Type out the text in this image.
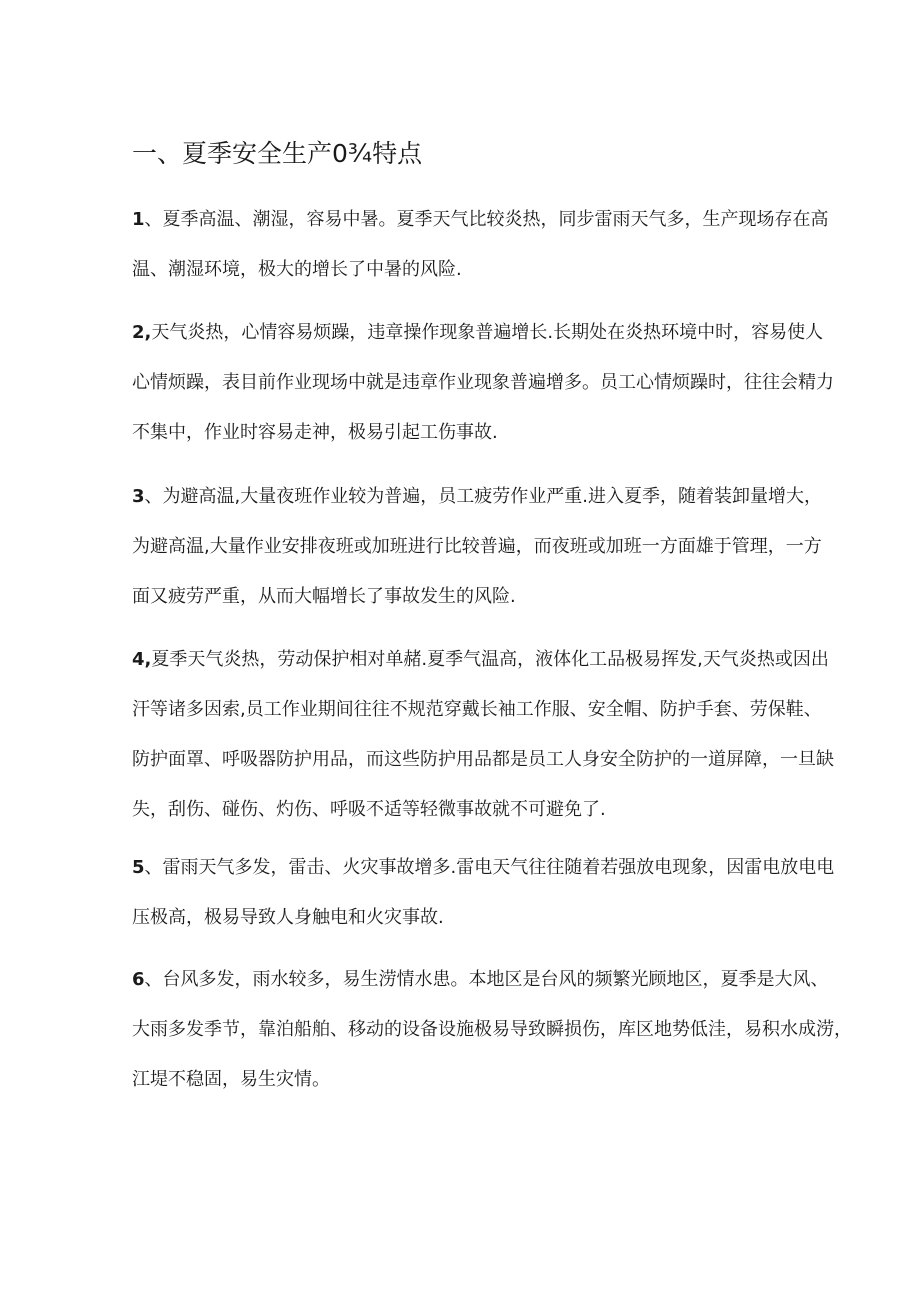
一、夏季安全生产0¾特点
1、夏季高温、潮湿，容易中暑。夏季天气比较炎热，同步雷雨天气多，生产现场存在高
温、潮湿环境，极大的增长了中暑的风险.
2,天气炎热，心情容易烦躁，违章操作现象普遍增长.长期处在炎热环境中时，容易使人
心情烦躁，表目前作业现场中就是违章作业现象普遍增多。员工心情烦躁时，往往会精力
不集中，作业时容易走神，极易引起工伤事故.
3、为避高温,大量夜班作业较为普遍，员工疲劳作业严重.进入夏季，随着装卸量增大，
为避高温,大量作业安排夜班或加班进行比较普遍，而夜班或加班一方面雄于管理，一方
面又疲劳严重，从而大幅增长了事故发生的风险.
4,夏季天气炎热，劳动保护相对单赭.夏季气温高，液体化工品极易挥发,天气炎热或因出
汗等诸多因索,员工作业期间往往不规范穿戴长袖工作服、安全帽、防护手套、劳保鞋、
防护面罩、呼吸器防护用品，而这些防护用品都是员工人身安全防护的一道屏障，一旦缺
失，刮伤、碰伤、灼伤、呼吸不适等轻微事故就不可避免了.
5、雷雨天气多发，雷击、火灾事故增多.雷电天气往往随着若强放电现象，因雷电放电电
压极高，极易导致人身触电和火灾事故.
6、台风多发，雨水较多，易生涝情水患。本地区是台风的频繁光顾地区，夏季是大风、
大雨多发季节，靠泊船舶、移动的设备设施极易导致瞬损伤，库区地势低洼，易积水成涝，
江堤不稳固，易生灾情。
